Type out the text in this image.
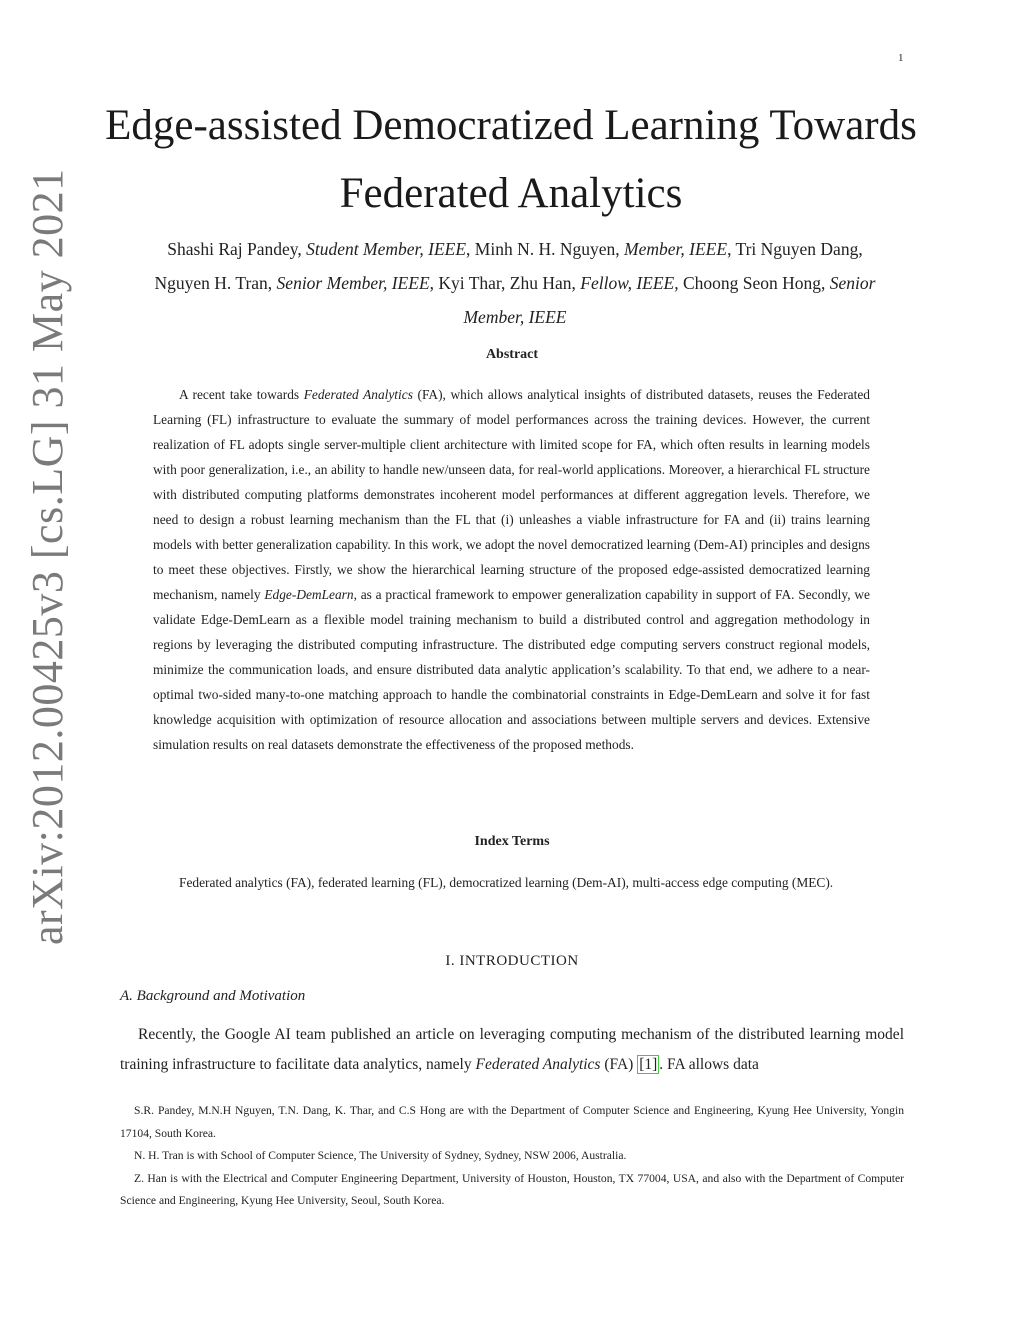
1
arXiv:2012.00425v3 [cs.LG] 31 May 2021
Edge-assisted Democratized Learning Towards
Federated Analytics
Shashi Raj Pandey, Student Member, IEEE, Minh N. H. Nguyen, Member, IEEE, Tri Nguyen Dang,
Nguyen H. Tran, Senior Member, IEEE, Kyi Thar, Zhu Han, Fellow, IEEE, Choong Seon Hong, Senior
Member, IEEE
Abstract

A recent take towards Federated Analytics (FA), which allows analytical insights of distributed datasets, reuses the Federated Learning (FL) infrastructure to evaluate the summary of model performances across the training devices. However, the current realization of FL adopts single server-multiple client architecture with limited scope for FA, which often results in learning models with poor generalization, i.e., an ability to handle new/unseen data, for real-world applications. Moreover, a hierarchical FL structure with distributed computing platforms demonstrates incoherent model performances at different aggregation levels. Therefore, we need to design a robust learning mechanism than the FL that (i) unleashes a viable infrastructure for FA and (ii) trains learning models with better generalization capability. In this work, we adopt the novel democratized learning (Dem-AI) principles and designs to meet these objectives. Firstly, we show the hierarchical learning structure of the proposed edge-assisted democratized learning mechanism, namely Edge-DemLearn, as a practical framework to empower generalization capability in support of FA. Secondly, we validate Edge-DemLearn as a flexible model training mechanism to build a distributed control and aggregation methodology in regions by leveraging the distributed computing infrastructure. The distributed edge computing servers construct regional models, minimize the communication loads, and ensure distributed data analytic application’s scalability. To that end, we adhere to a near-optimal two-sided many-to-one matching approach to handle the combinatorial constraints in Edge-DemLearn and solve it for fast knowledge acquisition with optimization of resource allocation and associations between multiple servers and devices. Extensive simulation results on real datasets demonstrate the effectiveness of the proposed methods.

Index Terms

Federated analytics (FA), federated learning (FL), democratized learning (Dem-AI), multi-access edge computing (MEC).

I. INTRODUCTION
A. Background and Motivation

Recently, the Google AI team published an article on leveraging computing mechanism of the distributed learning model training infrastructure to facilitate data analytics, namely Federated Analytics (FA) [1] . FA allows data

S.R. Pandey, M.N.H Nguyen, T.N. Dang, K. Thar, and C.S Hong are with the Department of Computer Science and Engineering, Kyung Hee University, Yongin 17104, South Korea.

N. H. Tran is with School of Computer Science, The University of Sydney, Sydney, NSW 2006, Australia.

Z. Han is with the Electrical and Computer Engineering Department, University of Houston, Houston, TX 77004, USA, and also with the Department of Computer Science and Engineering, Kyung Hee University, Seoul, South Korea.
